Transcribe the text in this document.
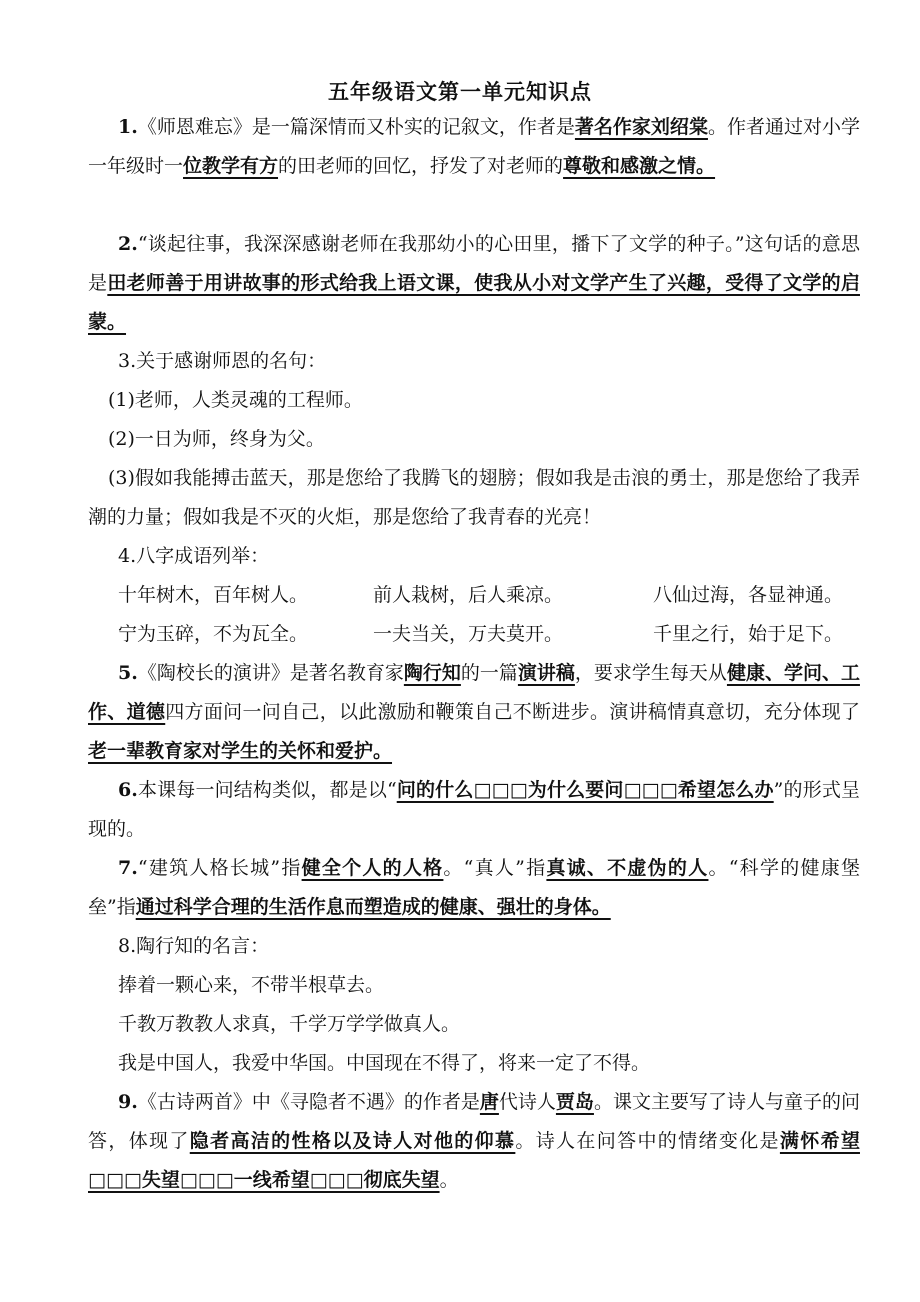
五年级语文第一单元知识点
1.《师恩难忘》是一篇深情而又朴实的记叙文，作者是著名作家刘绍棠。作者通过对小学一年级时一位教学有方的田老师的回忆，抒发了对老师的尊敬和感激之情。
2.“谈起往事，我深深感谢老师在我那幼小的心田里，播下了文学的种子。”这句话的意思是田老师善于用讲故事的形式给我上语文课，使我从小对文学产生了兴趣，受得了文学的启蒙。
3.关于感谢师恩的名句：
(1)老师，人类灵魂的工程师。
(2)一日为师，终身为父。
(3)假如我能搏击蓝天，那是您给了我腾飞的翅膀；假如我是击浪的勇士，那是您给了我弄潮的力量；假如我是不灭的火炬，那是您给了我青春的光亮！
4.八字成语列举：
十年树木，百年树人。	前人栽树，后人乘凉。	八仙过海，各显神通。
宁为玉碎，不为瓦全。	一夫当关，万夫莫开。	千里之行，始于足下。
5.《陶校长的演讲》是著名教育家陶行知的一篇演讲稿，要求学生每天从健康、学问、工作、道德四方面问一问自己，以此激励和鞭策自己不断进步。演讲稿情真意切，充分体现了老一辈教育家对学生的关怀和爱护。
6.本课每一问结构类似，都是以“问的什么□□□为什么要问□□□希望怎么办”的形式呈现的。
7.“建筑人格长城”指健全个人的人格。“真人”指真诚、不虚伪的人。“科学的健康堡垒”指通过科学合理的生活作息而塑造成的健康、强壮的身体。
8.陶行知的名言：
捧着一颗心来，不带半根草去。
千教万教教人求真，千学万学学做真人。
我是中国人，我爱中华国。中国现在不得了，将来一定了不得。
9.《古诗两首》中《寻隐者不遇》的作者是唐代诗人贾岛。课文主要写了诗人与童子的问答，体现了隐者高洁的性格以及诗人对他的仰慕。诗人在问答中的情绪变化是满怀希望□□□失望□□□一线希望□□□彻底失望。
